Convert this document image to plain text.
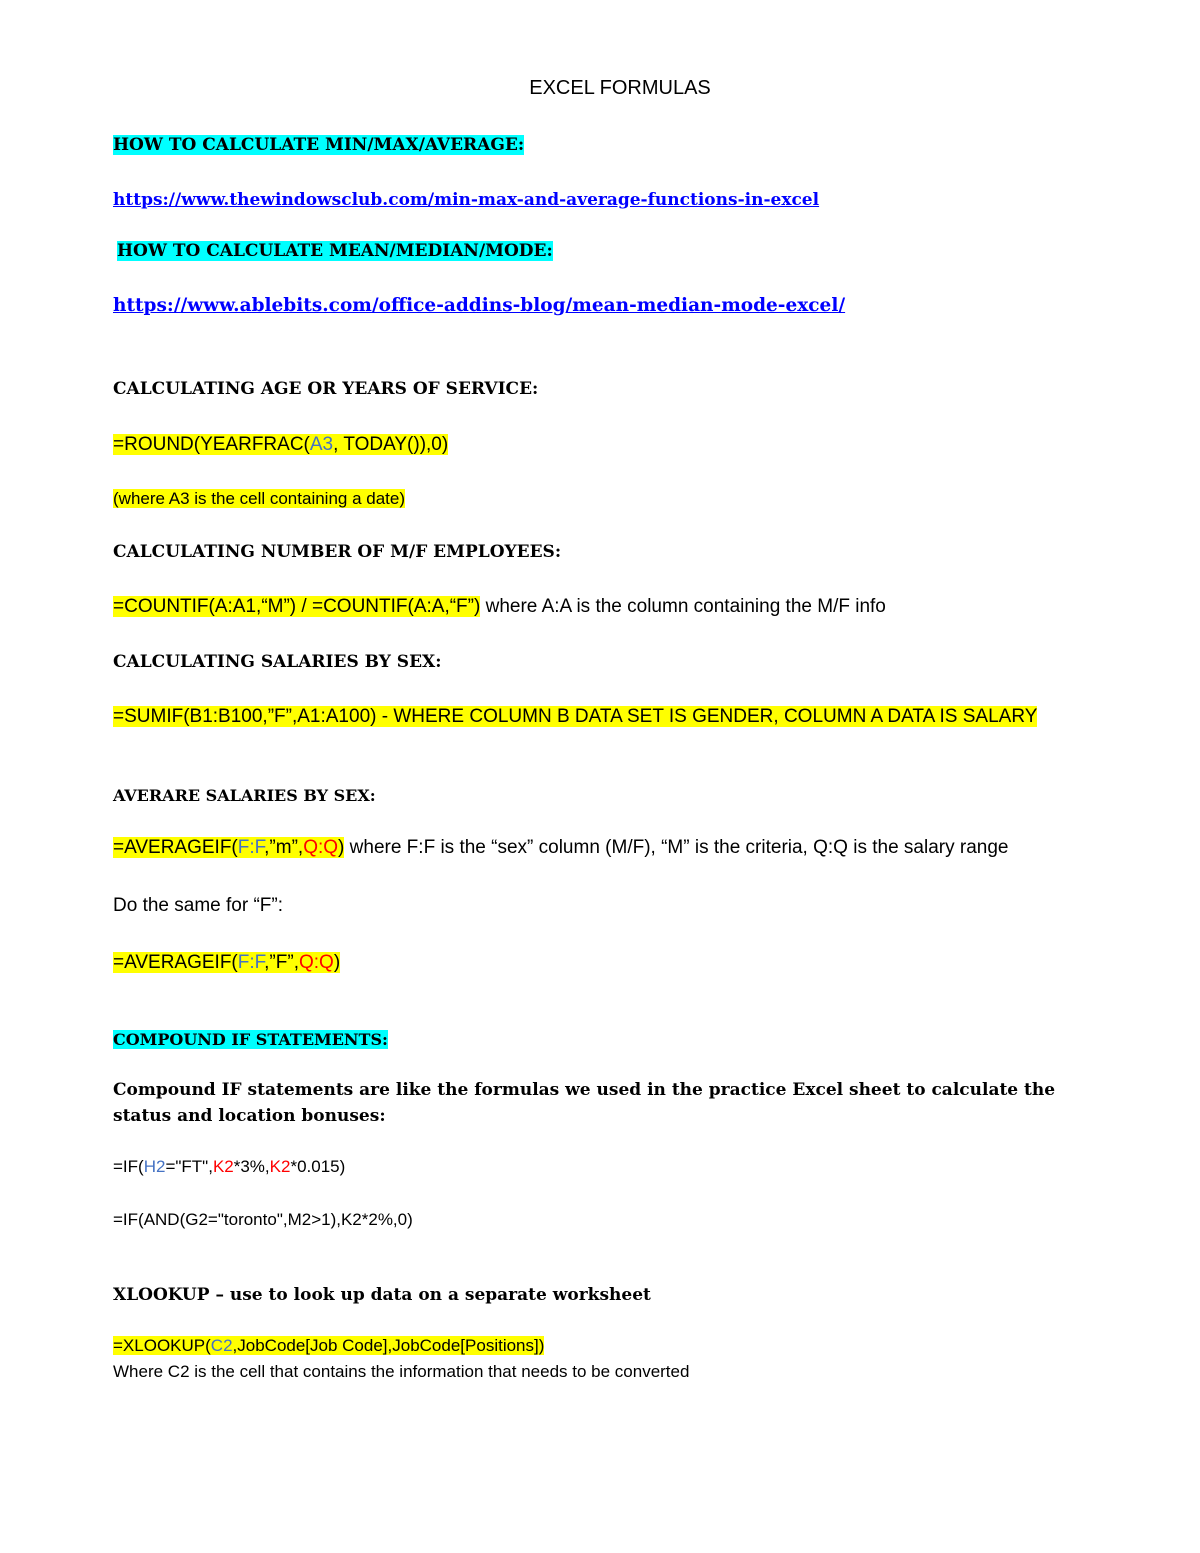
EXCEL FORMULAS
HOW TO CALCULATE MIN/MAX/AVERAGE:
https://www.thewindowsclub.com/min-max-and-average-functions-in-excel
HOW TO CALCULATE MEAN/MEDIAN/MODE:
https://www.ablebits.com/office-addins-blog/mean-median-mode-excel/
CALCULATING AGE OR YEARS OF SERVICE:
=ROUND(YEARFRAC(A3, TODAY()),0)
(where A3 is the cell containing a date)
CALCULATING NUMBER OF M/F EMPLOYEES:
=COUNTIF(A:A1,“M”) / =COUNTIF(A:A,“F”) where A:A is the column containing the M/F info
CALCULATING SALARIES BY SEX:
=SUMIF(B1:B100,”F”,A1:A100) - WHERE COLUMN B DATA SET IS GENDER, COLUMN A DATA IS SALARY
AVERARE SALARIES BY SEX:
=AVERAGEIF(F:F,”m”,Q:Q) where F:F is the “sex” column (M/F), “M” is the criteria, Q:Q is the salary range
Do the same for “F”:
=AVERAGEIF(F:F,”F”,Q:Q)
COMPOUND IF STATEMENTS:
Compound IF statements are like the formulas we used in the practice Excel sheet to calculate the
status and location bonuses:
=IF(H2="FT",K2*3%,K2*0.015)
=IF(AND(G2="toronto",M2>1),K2*2%,0)
XLOOKUP – use to look up data on a separate worksheet
=XLOOKUP(C2,JobCode[Job Code],JobCode[Positions])
Where C2 is the cell that contains the information that needs to be converted
